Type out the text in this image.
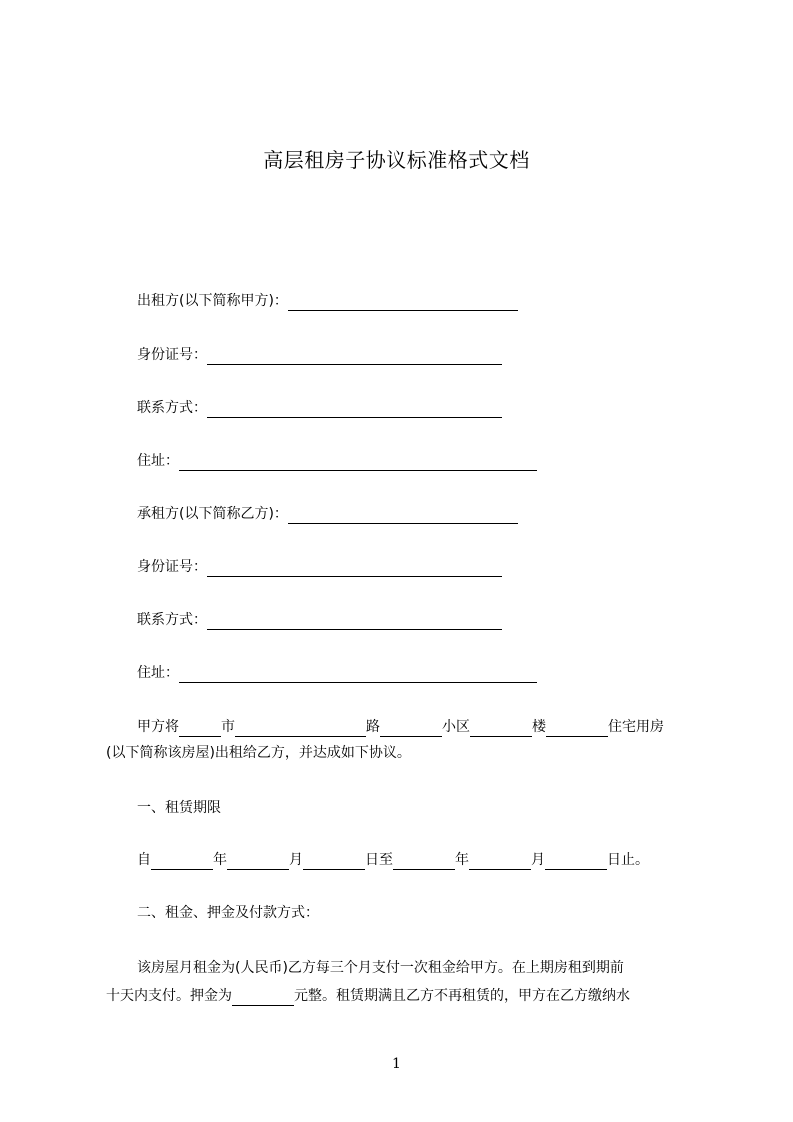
高层租房子协议标准格式文档
出租方(以下简称甲方)：
身份证号：
联系方式：
住址：
承租方(以下简称乙方)：
身份证号：
联系方式：
住址：
甲方将	市	路	小区	楼	住宅用房
(以下简称该房屋)出租给乙方，并达成如下协议。
一、租赁期限
自	年	月	日至	年	月	日止。
二、租金、押金及付款方式：
该房屋月租金为(人民币)乙方每三个月支付一次租金给甲方。在上期房租到期前
十天内支付。押金为	元整。租赁期满且乙方不再租赁的，甲方在乙方缴纳水
1
